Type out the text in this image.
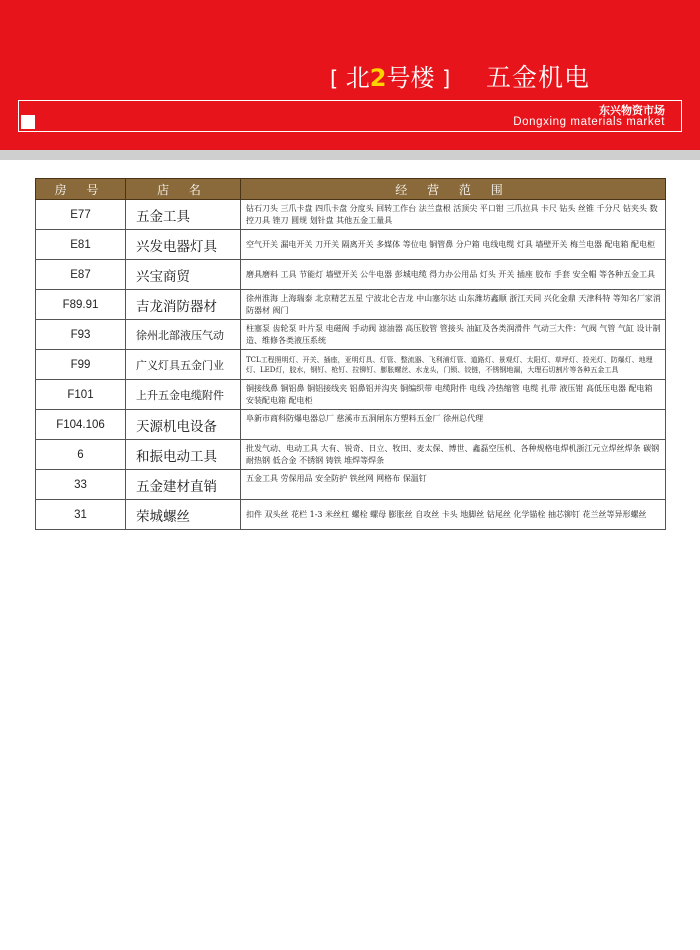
[ 北2号楼 ] 五金机电
东兴物资市场
Dongxing materials market
房 号	店 名	经 营 范 围
E77	五金工具	钻石刀头 三爪卡盘 四爪卡盘 分度头 回转工作台 法兰盘根 活顶尖 平口钳 三爪拉具 卡尺 钻头 丝锥 千分尺 钻夹头 数控刀具 锉刀 圆规 划针盘 其他五金工量具
E81	兴发电器灯具	空气开关 漏电开关 刀开关 隔离开关 多媒体 等位电 铜管鼻 分户箱 电线电缆 灯具 墙壁开关 梅兰电器 配电箱 配电柜
E87	兴宝商贸	磨具磨料 工具 节能灯 墙壁开关 公牛电器 彭城电缆 得力办公用品 灯头 开关 插座 胶布 手套 安全帽 等各种五金工具
F89.91	吉龙消防器材	徐州淮海 上海瑞泰 北京精艺五星 宁波北仑吉龙 中山塞尔达 山东潍坊鑫顺 浙江天同 兴化金鼎 天津科特 等知名厂家消防器材 阀门
F93	徐州北部液压气动	柱塞泵 齿轮泵 叶片泵 电磁阀 手动阀 滤油器 高压胶管 管接头 油缸及各类润滑件 气动三大件：气阀 气管 气缸 设计制造、维修各类液压系统
F99	广义灯具五金门业	TCL工程照明灯、开关、插座，亚明灯具、灯管、整流器、飞利浦灯管、道路灯、景观灯、太阳灯、草坪灯、投光灯、防爆灯、地埋灯、LED灯，胶水，钢钉、枪钉、拉铆钉、膨胀螺丝、水龙头，门锁、铰链，不锈钢地漏，大理石切割片等各种五金工具
F101	上升五金电缆附件	铜接线鼻 铜铝鼻 铜铝接线夹 铝鼻铝并沟夹 铜编织带 电缆附件 电线 冷热缩管 电缆 扎带 液压钳 高低压电器 配电箱 安装配电箱 配电柜
F104.106	天源机电设备	阜新市商科防爆电器总厂 慈溪市五洞闸东方塑料五金厂 徐州总代理
6	和振电动工具	批发气动、电动工具 大有、锐奇、日立、牧田、麦太保、博世、鑫磊空压机、各种规格电焊机浙江元立焊丝焊条 碳钢耐热钢 低合金 不锈钢 铸铁 堆焊等焊条
33	五金建材直销	五金工具 劳保用品 安全防护 铁丝网 网格布 保温钉
31	荣城螺丝	扣件 双头丝 花栏 1-3 米丝杠 螺栓 螺母 膨胀丝 自攻丝 卡头 地脚丝 钻尾丝 化学锚栓 抽芯铆钉 花兰丝等异形螺丝
